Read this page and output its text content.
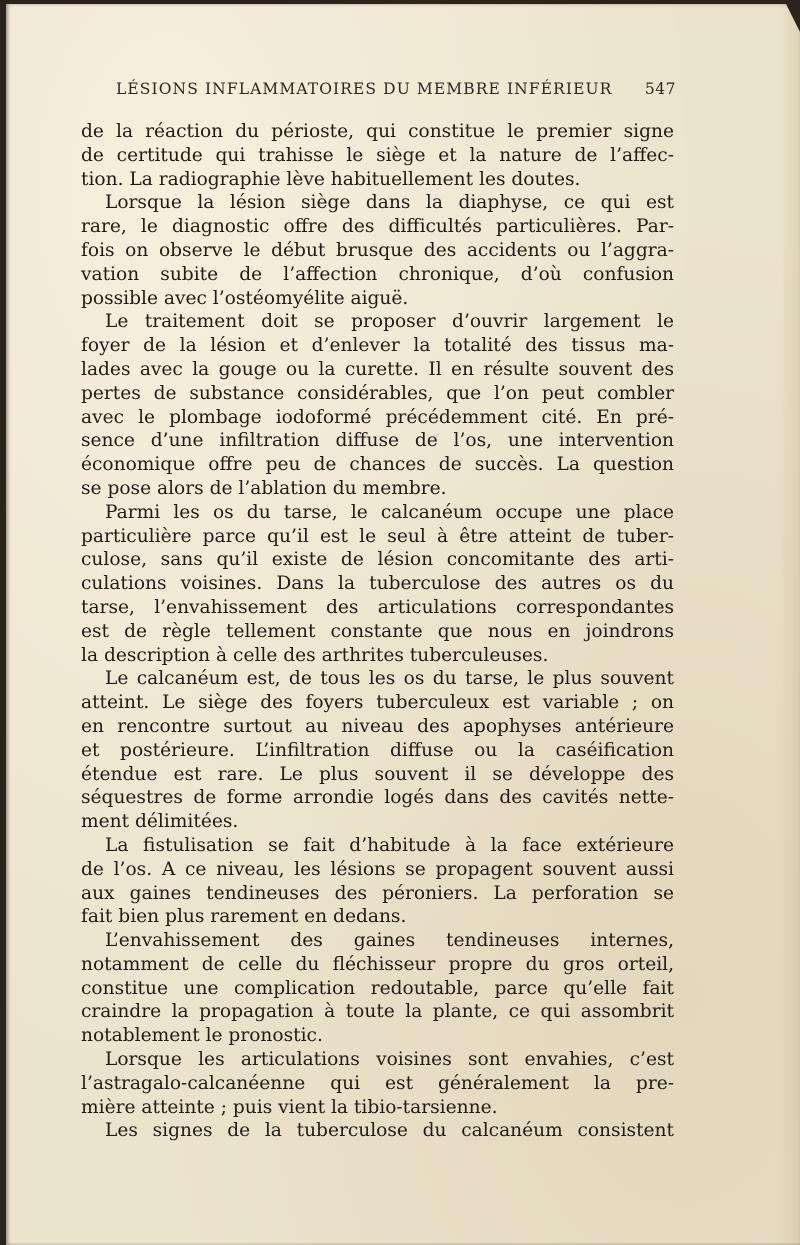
LÉSIONS INFLAMMATOIRES DU MEMBRE INFÉRIEUR 547
de la réaction du périoste, qui constitue le premier signe
de certitude qui trahisse le siège et la nature de l’affec-
tion. La radiographie lève habituellement les doutes.
Lorsque la lésion siège dans la diaphyse, ce qui est
rare, le diagnostic offre des difficultés particulières. Par-
fois on observe le début brusque des accidents ou l’aggra-
vation subite de l’affection chronique, d’où confusion
possible avec l’ostéomyélite aiguë.
Le traitement doit se proposer d’ouvrir largement le
foyer de la lésion et d’enlever la totalité des tissus ma-
lades avec la gouge ou la curette. Il en résulte souvent des
pertes de substance considérables, que l’on peut combler
avec le plombage iodoformé précédemment cité. En pré-
sence d’une infiltration diffuse de l’os, une intervention
économique offre peu de chances de succès. La question
se pose alors de l’ablation du membre.
Parmi les os du tarse, le calcanéum occupe une place
particulière parce qu’il est le seul à être atteint de tuber-
culose, sans qu’il existe de lésion concomitante des arti-
culations voisines. Dans la tuberculose des autres os du
tarse, l’envahissement des articulations correspondantes
est de règle tellement constante que nous en joindrons
la description à celle des arthrites tuberculeuses.
Le calcanéum est, de tous les os du tarse, le plus souvent
atteint. Le siège des foyers tuberculeux est variable ; on
en rencontre surtout au niveau des apophyses antérieure
et postérieure. L’infiltration diffuse ou la caséification
étendue est rare. Le plus souvent il se développe des
séquestres de forme arrondie logés dans des cavités nette-
ment délimitées.
La fistulisation se fait d’habitude à la face extérieure
de l’os. A ce niveau, les lésions se propagent souvent aussi
aux gaines tendineuses des péroniers. La perforation se
fait bien plus rarement en dedans.
L’envahissement des gaines tendineuses internes,
notamment de celle du fléchisseur propre du gros orteil,
constitue une complication redoutable, parce qu’elle fait
craindre la propagation à toute la plante, ce qui assombrit
notablement le pronostic.
Lorsque les articulations voisines sont envahies, c’est
l’astragalo-calcanéenne qui est généralement la pre-
mière atteinte ; puis vient la tibio-tarsienne.
Les signes de la tuberculose du calcanéum consistent
